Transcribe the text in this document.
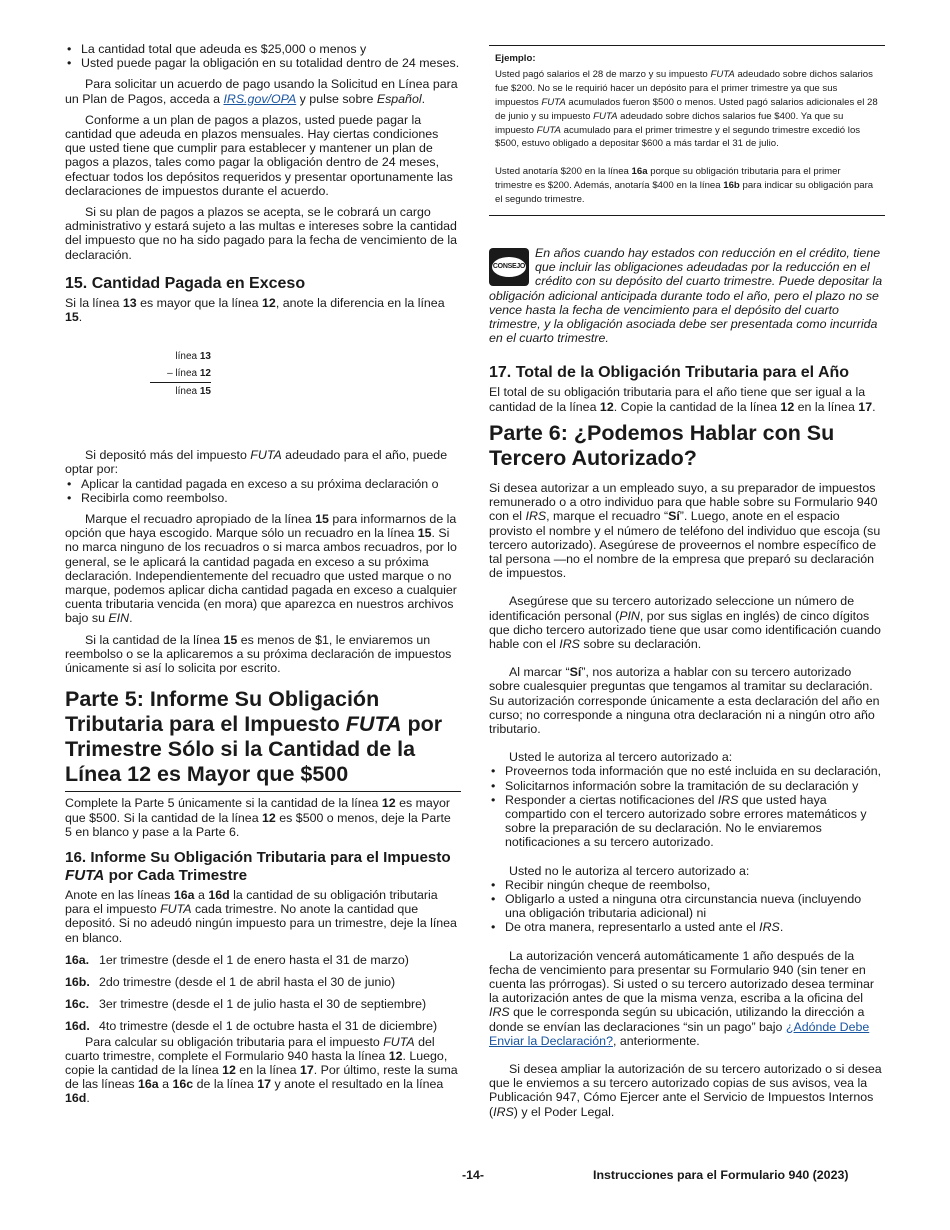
• La cantidad total que adeuda es $25,000 o menos y

• Usted puede pagar la obligación en su totalidad dentro de 24 meses.

Para solicitar un acuerdo de pago usando la Solicitud en Línea para un Plan de Pagos, acceda a IRS.gov/OPA y pulse sobre Español.

Conforme a un plan de pagos a plazos, usted puede pagar la cantidad que adeuda en plazos mensuales. Hay ciertas condiciones que usted tiene que cumplir para establecer y mantener un plan de pagos a plazos, tales como pagar la obligación dentro de 24 meses, efectuar todos los depósitos requeridos y presentar oportunamente las declaraciones de impuestos durante el acuerdo.

Si su plan de pagos a plazos se acepta, se le cobrará un cargo administrativo y estará sujeto a las multas e intereses sobre la cantidad del impuesto que no ha sido pagado para la fecha de vencimiento de la declaración.

15. Cantidad Pagada en Exceso

Si la línea 13 es mayor que la línea 12, anote la diferencia en la línea 15.

línea 13
– línea 12
línea 15

Si depositó más del impuesto FUTA adeudado para el año, puede optar por:

• Aplicar la cantidad pagada en exceso a su próxima declaración o

• Recibirla como reembolso.

Marque el recuadro apropiado de la línea 15 para informarnos de la opción que haya escogido. Marque sólo un recuadro en la línea 15. Si no marca ninguno de los recuadros o si marca ambos recuadros, por lo general, se le aplicará la cantidad pagada en exceso a su próxima declaración. Independientemente del recuadro que usted marque o no marque, podemos aplicar dicha cantidad pagada en exceso a cualquier cuenta tributaria vencida (en mora) que aparezca en nuestros archivos bajo su EIN.

Si la cantidad de la línea 15 es menos de $1, le enviaremos un reembolso o se la aplicaremos a su próxima declaración de impuestos únicamente si así lo solicita por escrito.

Parte 5: Informe Su Obligación Tributaria para el Impuesto FUTA por Trimestre Sólo si la Cantidad de la Línea 12 es Mayor que $500

Complete la Parte 5 únicamente si la cantidad de la línea 12 es mayor que $500. Si la cantidad de la línea 12 es $500 o menos, deje la Parte 5 en blanco y pase a la Parte 6.

16. Informe Su Obligación Tributaria para el Impuesto FUTA por Cada Trimestre

Anote en las líneas 16a a 16d la cantidad de su obligación tributaria para el impuesto FUTA cada trimestre. No anote la cantidad que depositó. Si no adeudó ningún impuesto para un trimestre, deje la línea en blanco.

16a. 1er trimestre (desde el 1 de enero hasta el 31 de marzo)
16b. 2do trimestre (desde el 1 de abril hasta el 30 de junio)
16c. 3er trimestre (desde el 1 de julio hasta el 30 de septiembre)
16d. 4to trimestre (desde el 1 de octubre hasta el 31 de diciembre)

Para calcular su obligación tributaria para el impuesto FUTA del cuarto trimestre, complete el Formulario 940 hasta la línea 12. Luego, copie la cantidad de la línea 12 en la línea 17. Por último, reste la suma de las líneas 16a a 16c de la línea 17 y anote el resultado en la línea 16d.

Ejemplo:

Usted pagó salarios el 28 de marzo y su impuesto FUTA adeudado sobre dichos salarios fue $200. No se le requirió hacer un depósito para el primer trimestre ya que sus impuestos FUTA acumulados fueron $500 o menos. Usted pagó salarios adicionales el 28 de junio y su impuesto FUTA adeudado sobre dichos salarios fue $400. Ya que su impuesto FUTA acumulado para el primer trimestre y el segundo trimestre excedió los $500, estuvo obligado a depositar $600 a más tardar el 31 de julio.

Usted anotaría $200 en la línea 16a porque su obligación tributaria para el primer trimestre es $200. Además, anotaría $400 en la línea 16b para indicar su obligación para el segundo trimestre.

CONSEJO
En años cuando hay estados con reducción en el crédito, tiene que incluir las obligaciones adeudadas por la reducción en el crédito con su depósito del cuarto trimestre. Puede depositar la obligación adicional anticipada durante todo el año, pero el plazo no se vence hasta la fecha de vencimiento para el depósito del cuarto trimestre, y la obligación asociada debe ser presentada como incurrida en el cuarto trimestre.
17. Total de la Obligación Tributaria para el Año

El total de su obligación tributaria para el año tiene que ser igual a la cantidad de la línea 12. Copie la cantidad de la línea 12 en la línea 17.

Parte 6: ¿Podemos Hablar con Su Tercero Autorizado?

Si desea autorizar a un empleado suyo, a su preparador de impuestos remunerado o a otro individuo para que hable sobre su Formulario 940 con el IRS, marque el recuadro “Sí”. Luego, anote en el espacio provisto el nombre y el número de teléfono del individuo que escoja (su tercero autorizado). Asegúrese de proveernos el nombre específico de tal persona —no el nombre de la empresa que preparó su declaración de impuestos.

Asegúrese que su tercero autorizado seleccione un número de identificación personal (PIN, por sus siglas en inglés) de cinco dígitos que dicho tercero autorizado tiene que usar como identificación cuando hable con el IRS sobre su declaración.

Al marcar “Sí”, nos autoriza a hablar con su tercero autorizado sobre cualesquier preguntas que tengamos al tramitar su declaración. Su autorización corresponde únicamente a esta declaración del año en curso; no corresponde a ninguna otra declaración ni a ningún otro año tributario.

Usted le autoriza al tercero autorizado a:

• Proveernos toda información que no esté incluida en su declaración,

• Solicitarnos información sobre la tramitación de su declaración y

• Responder a ciertas notificaciones del IRS que usted haya compartido con el tercero autorizado sobre errores matemáticos y sobre la preparación de su declaración. No le enviaremos notificaciones a su tercero autorizado.

Usted no le autoriza al tercero autorizado a:

• Recibir ningún cheque de reembolso,

• Obligarlo a usted a ninguna otra circunstancia nueva (incluyendo una obligación tributaria adicional) ni

• De otra manera, representarlo a usted ante el IRS.

La autorización vencerá automáticamente 1 año después de la fecha de vencimiento para presentar su Formulario 940 (sin tener en cuenta las prórrogas). Si usted o su tercero autorizado desea terminar la autorización antes de que la misma venza, escriba a la oficina del IRS que le corresponda según su ubicación, utilizando la dirección a donde se envían las declaraciones “sin un pago” bajo ¿Adónde Debe Enviar la Declaración?, anteriormente.

Si desea ampliar la autorización de su tercero autorizado o si desea que le enviemos a su tercero autorizado copias de sus avisos, vea la Publicación 947, Cómo Ejercer ante el Servicio de Impuestos Internos (IRS) y el Poder Legal.

-14-	Instrucciones para el Formulario 940 (2023)
